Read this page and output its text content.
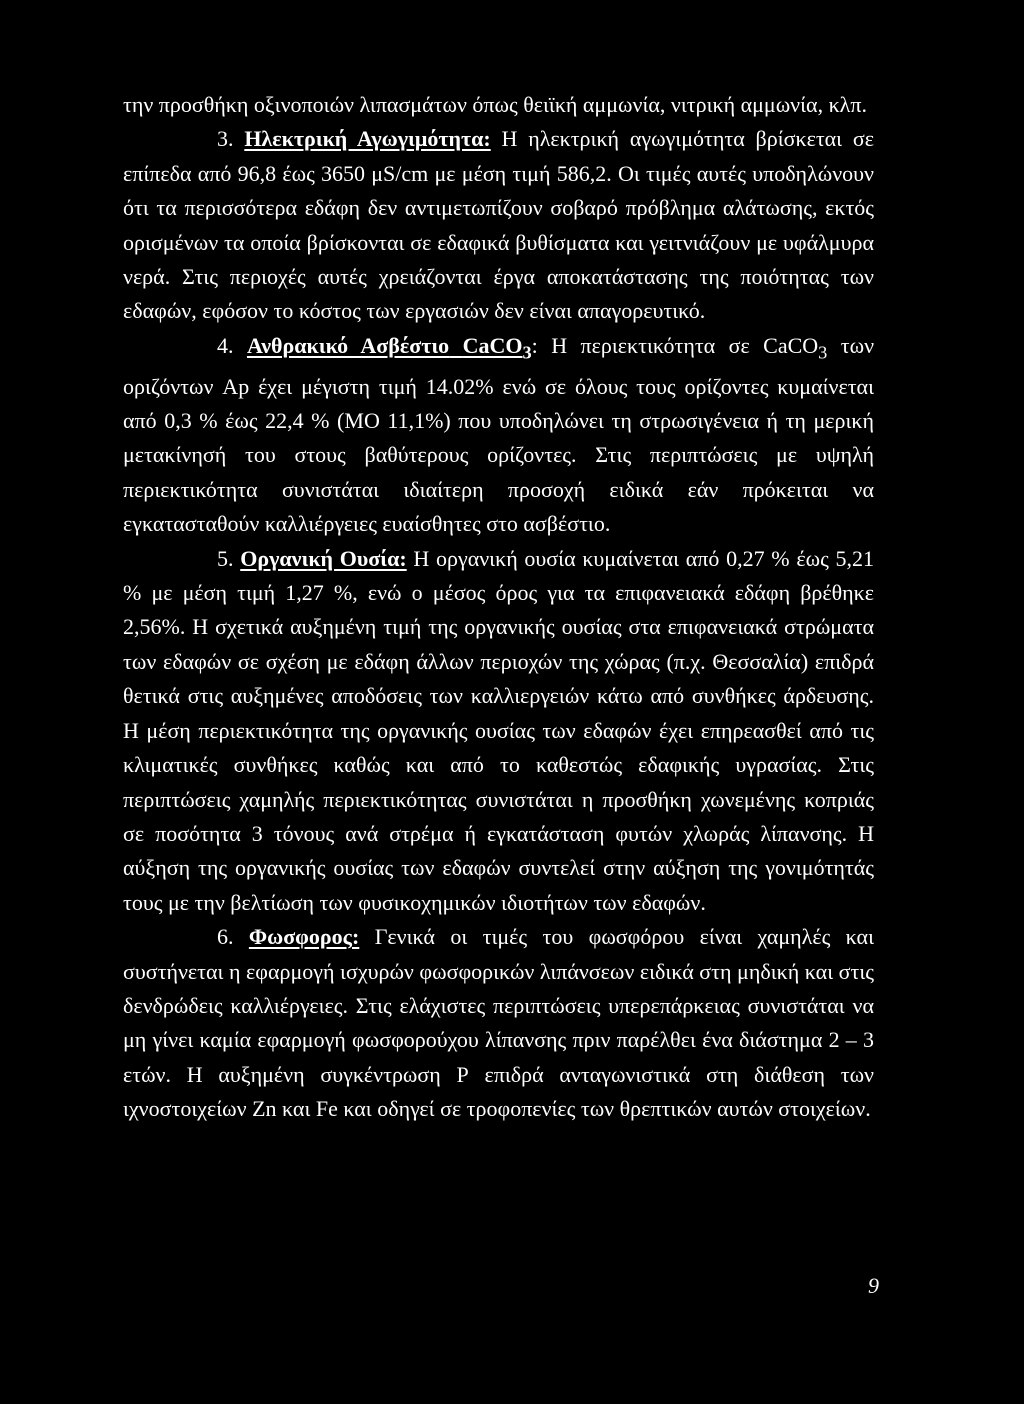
την προσθήκη οξινοποιών λιπασμάτων όπως θειϊκή αμμωνία, νιτρική αμμωνία, κλπ.

3. Ηλεκτρική Αγωγιμότητα: Η ηλεκτρική αγωγιμότητα βρίσκεται σε επίπεδα από 96,8 έως 3650 μS/cm με μέση τιμή 586,2. Οι τιμές αυτές υποδηλώνουν ότι τα περισσότερα εδάφη δεν αντιμετωπίζουν σοβαρό πρόβλημα αλάτωσης, εκτός ορισμένων τα οποία βρίσκονται σε εδαφικά βυθίσματα και γειτνιάζουν με υφάλμυρα νερά. Στις περιοχές αυτές χρειάζονται έργα αποκατάστασης της ποιότητας των εδαφών, εφόσον το κόστος των εργασιών δεν είναι απαγορευτικό.

4. Ανθρακικό Ασβέστιο CaCO$_3$: Η περιεκτικότητα σε CaCO$_3$ των οριζόντων Ap έχει μέγιστη τιμή 14.02% ενώ σε όλους τους ορίζοντες κυμαίνεται από 0,3 % έως 22,4 % (ΜΟ 11,1%) που υποδηλώνει τη στρωσιγένεια ή τη μερική μετακίνησή του στους βαθύτερους ορίζοντες. Στις περιπτώσεις με υψηλή περιεκτικότητα συνιστάται ιδιαίτερη προσοχή ειδικά εάν πρόκειται να εγκατασταθούν καλλιέργειες ευαίσθητες στο ασβέστιο.

5. Οργανική Ουσία: Η οργανική ουσία κυμαίνεται από 0,27 % έως 5,21 % με μέση τιμή 1,27 %, ενώ ο μέσος όρος για τα επιφανειακά εδάφη βρέθηκε 2,56%. Η σχετικά αυξημένη τιμή της οργανικής ουσίας στα επιφανειακά στρώματα των εδαφών σε σχέση με εδάφη άλλων περιοχών της χώρας (π.χ. Θεσσαλία) επιδρά θετικά στις αυξημένες αποδόσεις των καλλιεργειών κάτω από συνθήκες άρδευσης. Η μέση περιεκτικότητα της οργανικής ουσίας των εδαφών έχει επηρεασθεί από τις κλιματικές συνθήκες καθώς και από το καθεστώς εδαφικής υγρασίας. Στις περιπτώσεις χαμηλής περιεκτικότητας συνιστάται η προσθήκη χωνεμένης κοπριάς σε ποσότητα 3 τόνους ανά στρέμα ή εγκατάσταση φυτών χλωράς λίπανσης. Η αύξηση της οργανικής ουσίας των εδαφών συντελεί στην αύξηση της γονιμότητάς τους με την βελτίωση των φυσικοχημικών ιδιοτήτων των εδαφών.

6. Φωσφορος: Γενικά οι τιμές του φωσφόρου είναι χαμηλές και συστήνεται η εφαρμογή ισχυρών φωσφορικών λιπάνσεων ειδικά στη μηδική και στις δενδρώδεις καλλιέργειες. Στις ελάχιστες περιπτώσεις υπερεπάρκειας συνιστάται να μη γίνει καμία εφαρμογή φωσφορούχου λίπανσης πριν παρέλθει ένα διάστημα 2 – 3 ετών. Η αυξημένη συγκέντρωση Ρ επιδρά ανταγωνιστικά στη διάθεση των ιχνοστοιχείων Zn και Fe και οδηγεί σε τροφοπενίες των θρεπτικών αυτών στοιχείων.

9
